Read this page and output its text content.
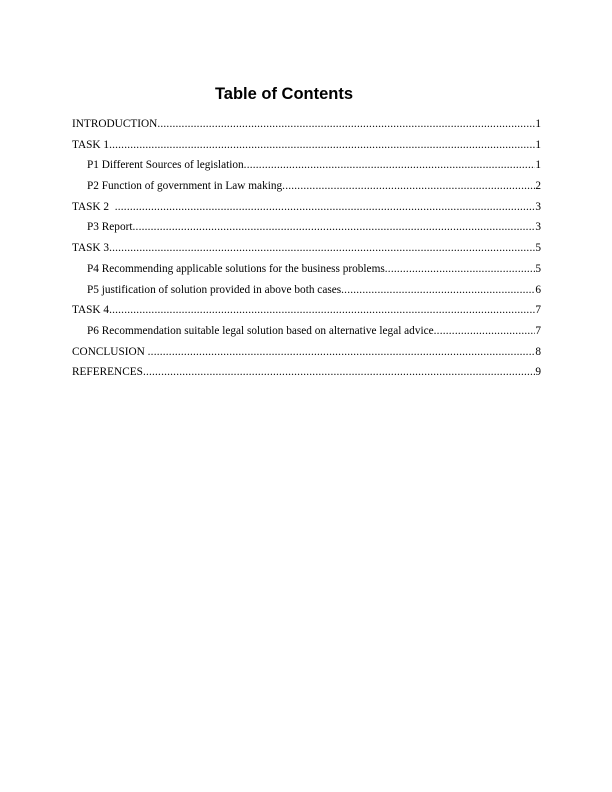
Table of Contents
INTRODUCTION .....	1
TASK 1 .....	1
P1 Different Sources of legislation .....	1
P2 Function of government in Law making .....	2
TASK 2 .....	3
P3 Report .....	3
TASK 3 .....	5
P4 Recommending applicable solutions for the business problems .....	5
P5 justification of solution provided in above both cases .....	6
TASK 4 .....	7
P6 Recommendation suitable legal solution based on alternative legal advice .....	7
CONCLUSION .....	8
REFERENCES .....	9
